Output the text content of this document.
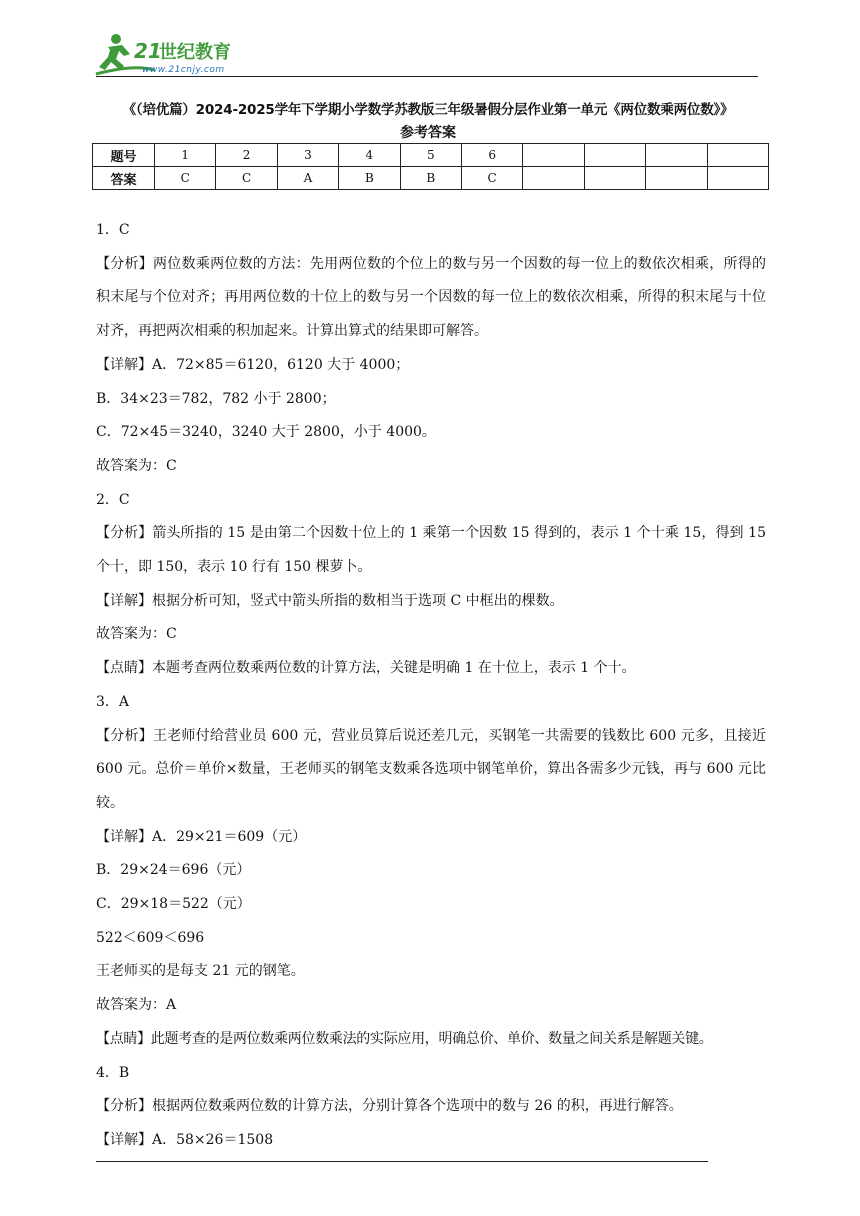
21
世纪教育
www.21cnjy.com
《（培优篇）2024-2025学年下学期小学数学苏教版三年级暑假分层作业第一单元《两位数乘两位数》》
参考答案
题号	1	2	3	4	5	6				
答案	C	C	A	B	B	C				

1．C

【分析】两位数乘两位数的方法：先用两位数的个位上的数与另一个因数的每一位上的数依次相乘，所得的积末尾与个位对齐；再用两位数的十位上的数与另一个因数的每一位上的数依次相乘，所得的积末尾与十位对齐，再把两次相乘的积加起来。计算出算式的结果即可解答。

【详解】A．72×85＝6120，6120 大于 4000；

B．34×23＝782，782 小于 2800；

C．72×45＝3240，3240 大于 2800，小于 4000。

故答案为：C

2．C

【分析】箭头所指的 15 是由第二个因数十位上的 1 乘第一个因数 15 得到的，表示 1 个十乘 15，得到 15 个十，即 150，表示 10 行有 150 棵萝卜。

【详解】根据分析可知，竖式中箭头所指的数相当于选项 C 中框出的棵数。

故答案为：C

【点睛】本题考查两位数乘两位数的计算方法，关键是明确 1 在十位上，表示 1 个十。

3．A

【分析】王老师付给营业员 600 元，营业员算后说还差几元，买钢笔一共需要的钱数比 600 元多，且接近 600 元。总价＝单价×数量，王老师买的钢笔支数乘各选项中钢笔单价，算出各需多少元钱，再与 600 元比较。

【详解】A．29×21＝609（元）

B．29×24＝696（元）

C．29×18＝522（元）

522＜609＜696

王老师买的是每支 21 元的钢笔。

故答案为：A

【点睛】此题考查的是两位数乘两位数乘法的实际应用，明确总价、单价、数量之间关系是解题关键。

4．B

【分析】根据两位数乘两位数的计算方法，分别计算各个选项中的数与 26 的积，再进行解答。

【详解】A．58×26＝1508
